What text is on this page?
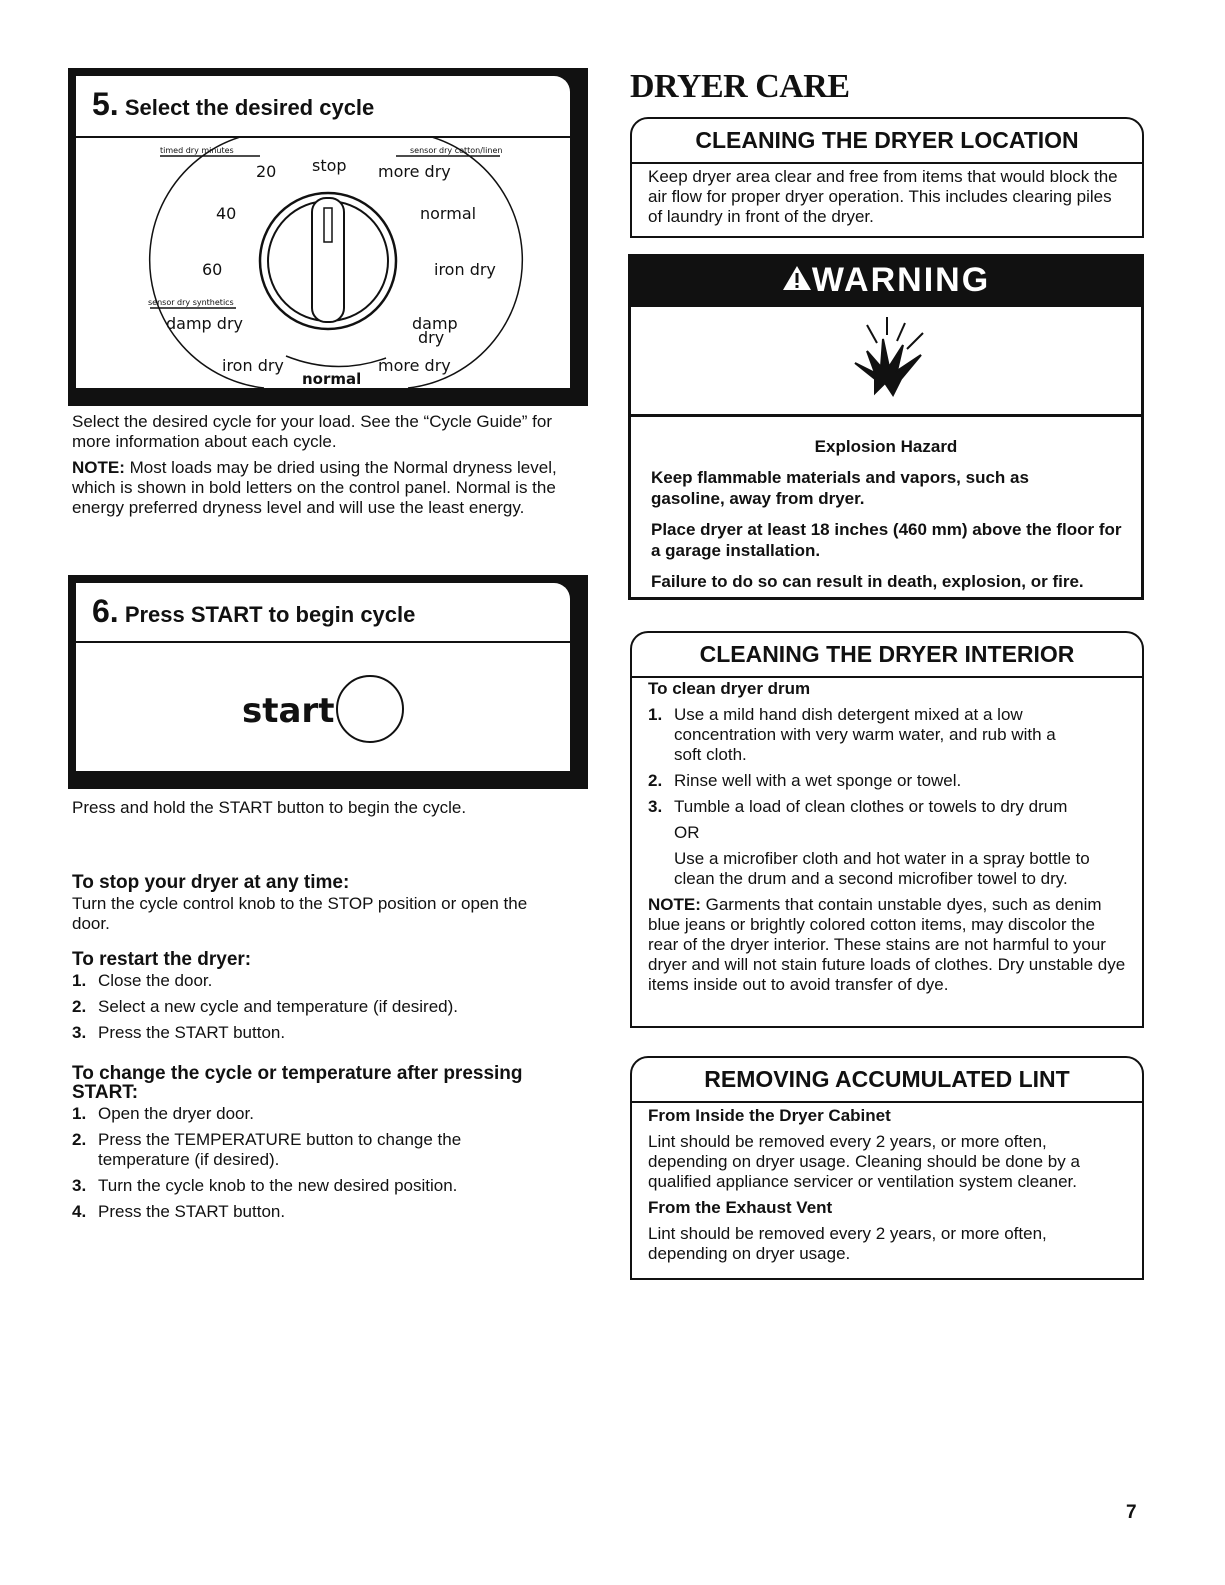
5. Select the desired cycle
timed dry minutes	sensor dry cotton/linen
sensor dry synthetics
stop
20
40
60
more dry
normal
iron dry
damp
dry
damp dry
iron dry
normal
more dry

Select the desired cycle for your load. See the “Cycle Guide” for more information about each cycle.

NOTE: Most loads may be dried using the Normal dryness level, which is shown in bold letters on the control panel. Normal is the energy preferred dryness level and will use the least energy.

6. Press START to begin cycle
start
Press and hold the START button to begin the cycle.
To stop your dryer at any time:

Turn the cycle control knob to the STOP position or open the door.

To restart the dryer:
1. Close the door.
2. Select a new cycle and temperature (if desired).
3. Press the START button.
To change the cycle or temperature after pressing START:
1. Open the dryer door.
2. Press the TEMPERATURE button to change the temperature (if desired).
3. Turn the cycle knob to the new desired position.
4. Press the START button.
DRYER CARE
CLEANING THE DRYER LOCATION

Keep dryer area clear and free from items that would block the air flow for proper dryer operation. This includes clearing piles of laundry in front of the dryer.

WARNING
Explosion Hazard

Keep flammable materials and vapors, such as gasoline, away from dryer.

Place dryer at least 18 inches (460 mm) above the floor for a garage installation.

Failure to do so can result in death, explosion, or fire.

CLEANING THE DRYER INTERIOR
To clean dryer drum
1. Use a mild hand dish detergent mixed at a low concentration with very warm water, and rub with a soft cloth.
2. Rinse well with a wet sponge or towel.
3. Tumble a load of clean clothes or towels to dry drum
OR
Use a microfiber cloth and hot water in a spray bottle to clean the drum and a second microfiber towel to dry.

NOTE: Garments that contain unstable dyes, such as denim blue jeans or brightly colored cotton items, may discolor the rear of the dryer interior. These stains are not harmful to your dryer and will not stain future loads of clothes. Dry unstable dye items inside out to avoid transfer of dye.

REMOVING ACCUMULATED LINT
From Inside the Dryer Cabinet

Lint should be removed every 2 years, or more often, depending on dryer usage. Cleaning should be done by a qualified appliance servicer or ventilation system cleaner.

From the Exhaust Vent

Lint should be removed every 2 years, or more often, depending on dryer usage.

7
